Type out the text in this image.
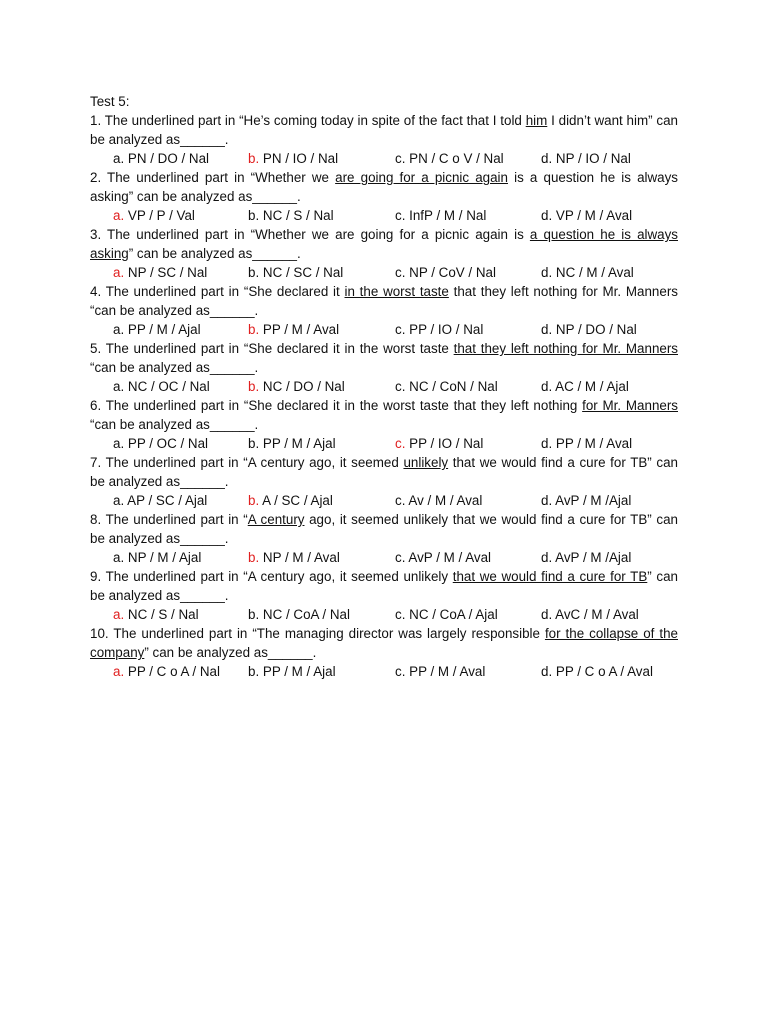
Test 5:
1. The underlined part in “He’s coming today in spite of the fact that I told him I didn’t want him” can be analyzed as______.
a. PN / DO / Nal	b. PN / IO / Nal	c. PN / C o V / Nal	d. NP / IO / Nal
2. The underlined part in “Whether we are going for a picnic again is a question he is always asking” can be analyzed as______.
a. VP / P / Val	b. NC / S / Nal	c. InfP / M / Nal	d. VP / M / Aval
3. The underlined part in “Whether we are going for a picnic again is a question he is always asking” can be analyzed as______.
a. NP / SC / Nal	b. NC / SC / Nal	c. NP / CoV / Nal	d. NC / M / Aval
4. The underlined part in “She declared it in the worst taste that they left nothing for Mr. Manners “can be analyzed as______.
a. PP / M / Ajal	b. PP / M / Aval	c. PP / IO / Nal	d. NP / DO / Nal
5. The underlined part in “She declared it in the worst taste that they left nothing for Mr. Manners “can be analyzed as______.
a. NC / OC / Nal	b. NC / DO / Nal	c. NC / CoN / Nal	d. AC / M / Ajal
6. The underlined part in “She declared it in the worst taste that they left nothing for Mr. Manners “can be analyzed as______.
a. PP / OC / Nal	b. PP / M / Ajal	c. PP / IO / Nal	d. PP / M / Aval
7. The underlined part in “A century ago, it seemed unlikely that we would find a cure for TB” can be analyzed as______.
a. AP / SC / Ajal	b. A / SC / Ajal	c. Av / M / Aval	d. AvP / M /Ajal
8. The underlined part in “A century ago, it seemed unlikely that we would find a cure for TB” can be analyzed as______.
a. NP / M / Ajal	b. NP / M / Aval	c. AvP / M / Aval	d. AvP / M /Ajal
9. The underlined part in “A century ago, it seemed unlikely that we would find a cure for TB” can be analyzed as______.
a. NC / S / Nal	b. NC / CoA / Nal	c. NC / CoA / Ajal	d. AvC / M / Aval
10. The underlined part in “The managing director was largely responsible for the collapse of the company” can be analyzed as______.
a. PP / C o A / Nal b. PP / M / Ajal	c. PP / M / Aval	d. PP / C o A / Aval
